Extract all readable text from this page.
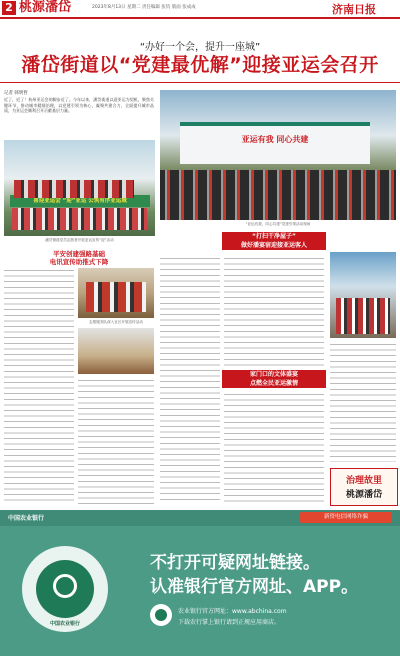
2 桃源潘岱	2023年8月13日 星期二 责任编辑 张钧 版面 张成成	济南日报
“办好一个会，提升一座城”
潘岱街道以“党建最优解”迎接亚运会召开
记者 韩明哲
近了，近了！杭州亚运会的脚步近了。今年以来，潘岱街道以迎亚运为契机，聚焦关键环节，推动城市精细治理，以党建引领为核心，凝聚共建合力，全面提升城市品质，为亚运会顺利召开贡献基层力量。
喜迎亚运会 “迎”亚运 公筑有序亚运城
潘岱街道党员志愿者开展亚运宣传“迎”活动
亚运有我 同心共建
“亚运有我，同心共建”党建引领活动现场
平安创建强路基础
电讯宣传助推式下降
“打扫干净屋子”
做好潘宴宿迎接亚运客人
家门口的文体盛宴
点燃全民亚运激情
志愿服务队深入社区开展宣传活动
治理故里
桃源潘岱
中国农业银行	新资电信网络诈骗
中国农业银行
不打开可疑网址链接。
认准银行官方网址、APP。
农业银行官方网址：www.abchina.com
下载农行掌上银行请到正规应用商店。
